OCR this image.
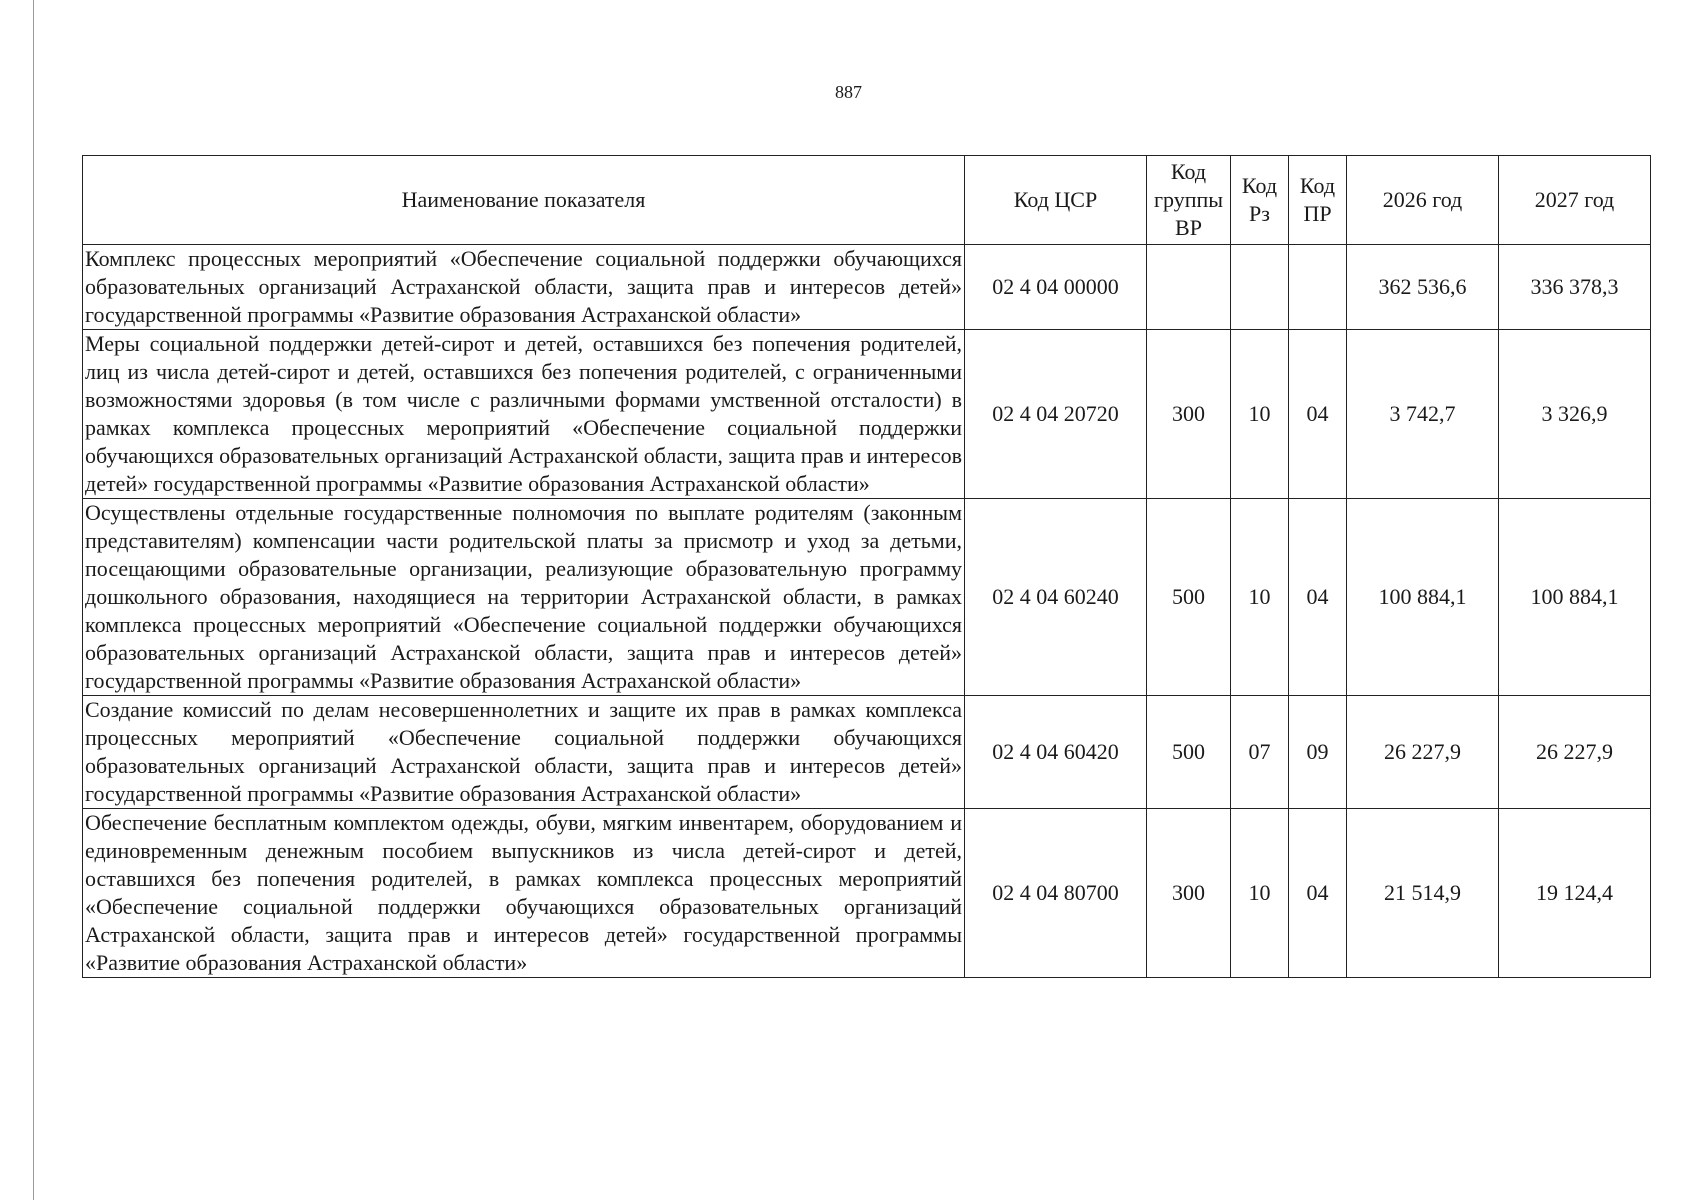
887
Наименование показателя	Код ЦСР	Код группы ВР	Код Рз	Код ПР	2026 год	2027 год
Комплекс процессных мероприятий «Обеспечение социальной поддержки обучающихся образовательных организаций Астраханской области, защита прав и интересов детей» государственной программы «Развитие образования Астраханской области»	02 4 04 00000				362 536,6	336 378,3
Меры социальной поддержки детей-сирот и детей, оставшихся без попечения родителей, лиц из числа детей-сирот и детей, оставшихся без попечения родителей, с ограниченными возможностями здоровья (в том числе с различными формами умственной отсталости) в рамках комплекса процессных мероприятий «Обеспечение социальной поддержки обучающихся образовательных организаций Астраханской области, защита прав и интересов детей» государственной программы «Развитие образования Астраханской области»	02 4 04 20720	300	10	04	3 742,7	3 326,9
Осуществлены отдельные государственные полномочия по выплате родителям (законным представителям) компенсации части родительской платы за присмотр и уход за детьми, посещающими образовательные организации, реализующие образовательную программу дошкольного образования, находящиеся на территории Астраханской области, в рамках комплекса процессных мероприятий «Обеспечение социальной поддержки обучающихся образовательных организаций Астраханской области, защита прав и интересов детей» государственной программы «Развитие образования Астраханской области»	02 4 04 60240	500	10	04	100 884,1	100 884,1
Создание комиссий по делам несовершеннолетних и защите их прав в рамках комплекса процессных мероприятий «Обеспечение социальной поддержки обучающихся образовательных организаций Астраханской области, защита прав и интересов детей» государственной программы «Развитие образования Астраханской области»	02 4 04 60420	500	07	09	26 227,9	26 227,9
Обеспечение бесплатным комплектом одежды, обуви, мягким инвентарем, оборудованием и единовременным денежным пособием выпускников из числа детей-сирот и детей, оставшихся без попечения родителей, в рамках комплекса процессных мероприятий «Обеспечение социальной поддержки обучающихся образовательных организаций Астраханской области, защита прав и интересов детей» государственной программы «Развитие образования Астраханской области»	02 4 04 80700	300	10	04	21 514,9	19 124,4
